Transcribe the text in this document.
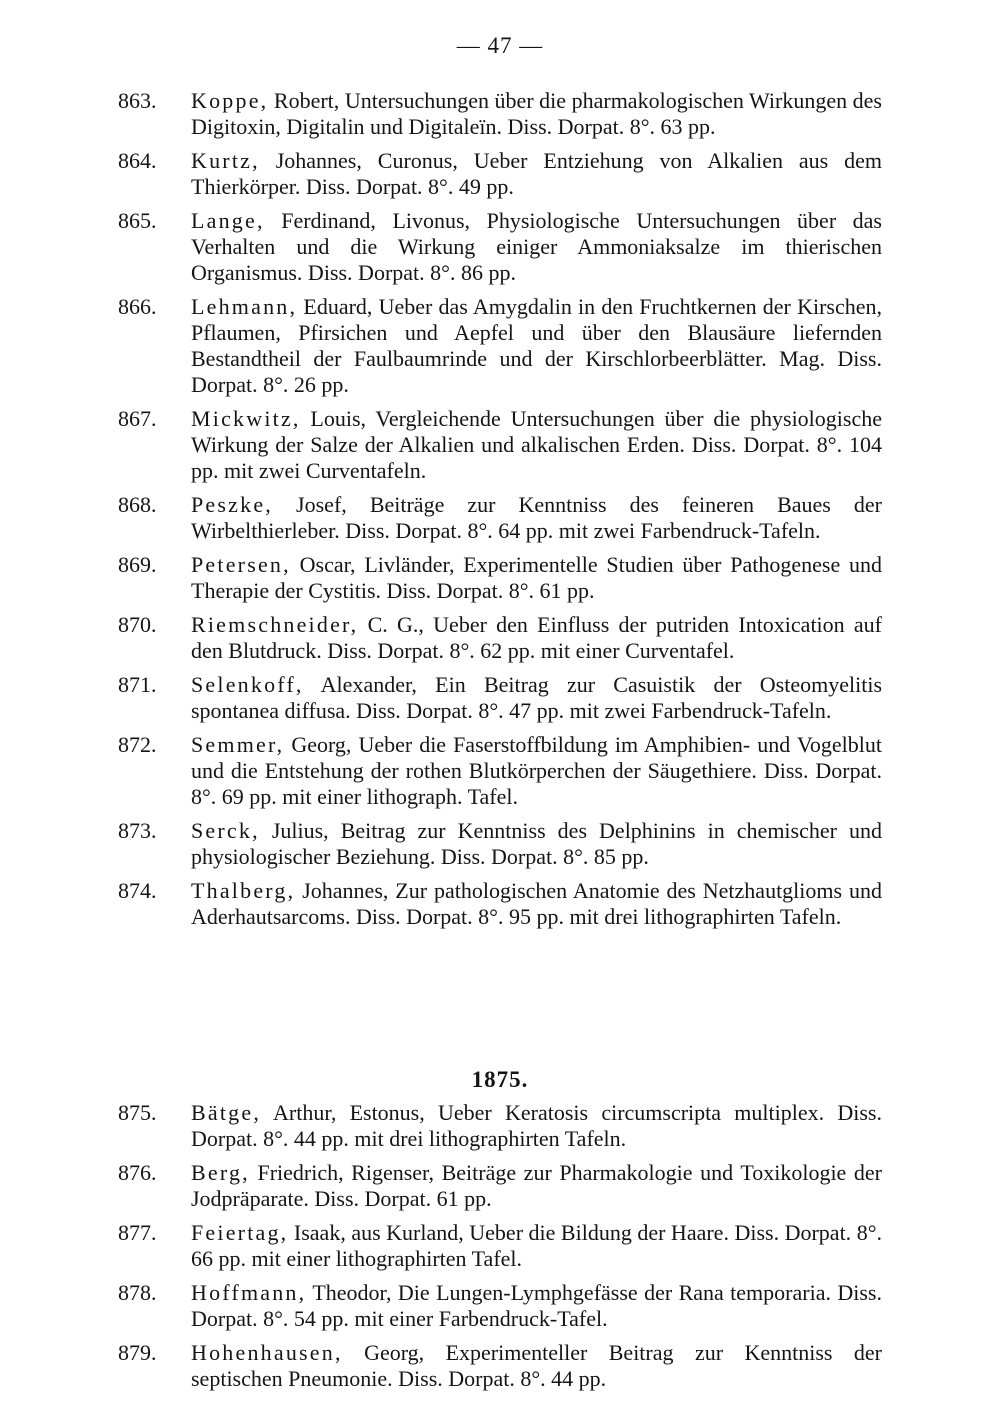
— 47 —
863. Koppe, Robert, Untersuchungen über die pharmakologischen Wirkungen des Digitoxin, Digitalin und Digitaleïn. Diss. Dorpat. 8°. 63 pp.
864. Kurtz, Johannes, Curonus, Ueber Entziehung von Alkalien aus dem Thierkörper. Diss. Dorpat. 8°. 49 pp.
865. Lange, Ferdinand, Livonus, Physiologische Untersuchungen über das Verhalten und die Wirkung einiger Ammoniaksalze im thierischen Organismus. Diss. Dorpat. 8°. 86 pp.
866. Lehmann, Eduard, Ueber das Amygdalin in den Fruchtkernen der Kirschen, Pflaumen, Pfirsichen und Aepfel und über den Blausäure liefernden Bestandtheil der Faulbaumrinde und der Kirschlorbeerblätter. Mag. Diss. Dorpat. 8°. 26 pp.
867. Mickwitz, Louis, Vergleichende Untersuchungen über die physiologische Wirkung der Salze der Alkalien und alkalischen Erden. Diss. Dorpat. 8°. 104 pp. mit zwei Curventafeln.
868. Peszke, Josef, Beiträge zur Kenntniss des feineren Baues der Wirbelthierleber. Diss. Dorpat. 8°. 64 pp. mit zwei Farbendruck-Tafeln.
869. Petersen, Oscar, Livländer, Experimentelle Studien über Pathogenese und Therapie der Cystitis. Diss. Dorpat. 8°. 61 pp.
870. Riemschneider, C. G., Ueber den Einfluss der putriden Intoxication auf den Blutdruck. Diss. Dorpat. 8°. 62 pp. mit einer Curventafel.
871. Selenkoff, Alexander, Ein Beitrag zur Casuistik der Osteomyelitis spontanea diffusa. Diss. Dorpat. 8°. 47 pp. mit zwei Farbendruck-Tafeln.
872. Semmer, Georg, Ueber die Faserstoffbildung im Amphibien- und Vogelblut und die Entstehung der rothen Blutkörperchen der Säugethiere. Diss. Dorpat. 8°. 69 pp. mit einer lithograph. Tafel.
873. Serck, Julius, Beitrag zur Kenntniss des Delphinins in chemischer und physiologischer Beziehung. Diss. Dorpat. 8°. 85 pp.
874. Thalberg, Johannes, Zur pathologischen Anatomie des Netzhautglioms und Aderhautsarcoms. Diss. Dorpat. 8°. 95 pp. mit drei lithographirten Tafeln.
1875.
875. Bätge, Arthur, Estonus, Ueber Keratosis circumscripta multiplex. Diss. Dorpat. 8°. 44 pp. mit drei lithographirten Tafeln.
876. Berg, Friedrich, Rigenser, Beiträge zur Pharmakologie und Toxikologie der Jodpräparate. Diss. Dorpat. 61 pp.
877. Feiertag, Isaak, aus Kurland, Ueber die Bildung der Haare. Diss. Dorpat. 8°. 66 pp. mit einer lithographirten Tafel.
878. Hoffmann, Theodor, Die Lungen-Lymphgefässe der Rana temporaria. Diss. Dorpat. 8°. 54 pp. mit einer Farbendruck-Tafel.
879. Hohenhausen, Georg, Experimenteller Beitrag zur Kenntniss der septischen Pneumonie. Diss. Dorpat. 8°. 44 pp.
